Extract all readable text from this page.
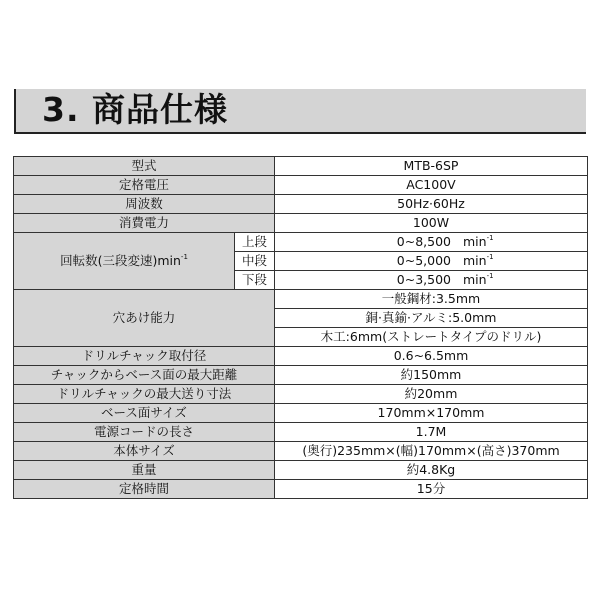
3. 商品仕様
型式		MTB-6SP
定格電圧		AC100V
周波数		50Hz·60Hz
消費電力		100W
回転数(三段変速)$\min^{-1}$	上段	0~8,500 $\min^{-1}$
	中段	0~5,000 $\min^{-1}$
	下段	0~3,500 $\min^{-1}$
穴あけ能力		一般鋼材:3.5mm
		銅·真鍮·アルミ:5.0mm
		木工:6mm(ストレートタイプのドリル)
ドリルチャック取付径		0.6~6.5mm
チャックからベース面の最大距離		約150mm
ドリルチャックの最大送り寸法		約20mm
ベース面サイズ		170mm×170mm
電源コードの長さ		1.7M
本体サイズ		(奥行)235mm×(幅)170mm×(高さ)370mm
重量		約4.8Kg
定格時間		15分
